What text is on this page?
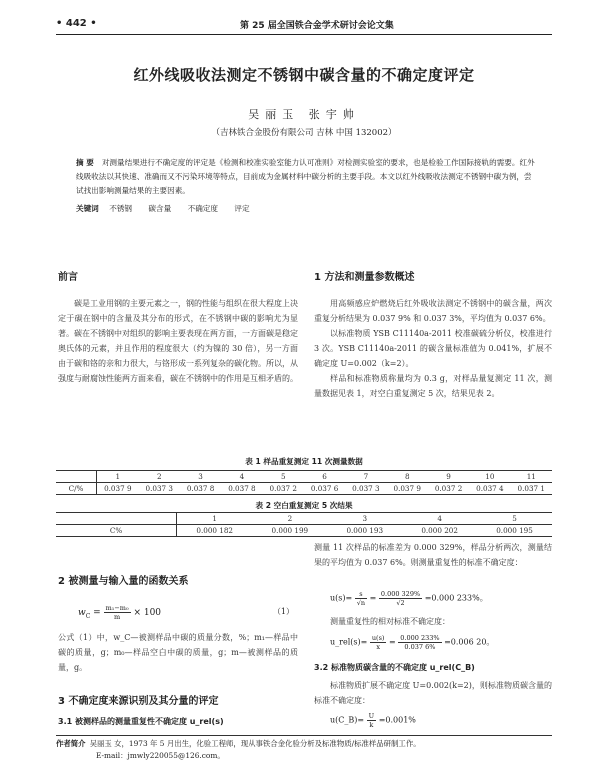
• 442 •	第 25 届全国铁合金学术研讨会论文集
红外线吸收法测定不锈钢中碳含量的不确定度评定
吴丽玉 张宇帅
（吉林铁合金股份有限公司 吉林 中国 132002）
摘 要 对测量结果进行不确定度的评定是《检测和校准实验室能力认可准则》对检测实验室的要求，也是检验工作国际接轨的需要。红外线吸收法以其快速、准确而又不污染环境等特点，目前成为金属材料中碳分析的主要手段。本文以红外线吸收法测定不锈钢中碳为例，尝试找出影响测量结果的主要因素。
关键词 不锈钢 碳含量 不确定度 评定
前言

碳是工业用钢的主要元素之一，钢的性能与组织在很大程度上决定于碳在钢中的含量及其分布的形式，在不锈钢中碳的影响尤为显著。碳在不锈钢中对组织的影响主要表现在两方面，一方面碳是稳定奥氏体的元素，并且作用的程度很大（约为镍的 30 倍），另一方面由于碳和铬的亲和力很大，与铬形成一系列复杂的碳化物。所以，从强度与耐腐蚀性能两方面来看，碳在不锈钢中的作用是互相矛盾的。

1 方法和测量参数概述

用高频感应炉燃烧后红外吸收法测定不锈钢中的碳含量，两次重复分析结果为 0.037 9% 和 0.037 3%，平均值为 0.037 6%。

以标准物质 YSB C11140a-2011 校准碳硫分析仪，校准进行 3 次。YSB C11140a-2011 的碳含量标准值为 0.041%，扩展不确定度 U=0.002（k=2）。

样品和标准物质称量均为 0.3 g，对样品量复测定 11 次，测量数据见表 1，对空白重复测定 5 次，结果见表 2。

表 1 样品重复测定 11 次测量数据
	1	2	3	4	5	6	7	8	9	10	11
C/%	0.037 9	0.037 3	0.037 8	0.037 8	0.037 2	0.037 6	0.037 3	0.037 9	0.037 2	0.037 4	0.037 1
表 2 空白重复测定 5 次结果
	1	2	3	4	5
C%	0.000 182	0.000 199	0.000 193	0.000 202	0.000 195
2 被测量与输入量的函数关系
$w_C = \frac{\text{m₁−m₀}}{m} \times 100$	（1）
公式（1）中，w_C—被测样品中碳的质量分数，%；m₁—样品中碳的质量，g；m₀—样品空白中碳的质量，g；m—被测样品的质量，g。
3 不确定度来源识别及其分量的评定
3.1 被测样品的测量重复性不确定度 u_rel(s)
测量 11 次样品的标准差为 0.000 329%，样品分析两次，测量结果的平均值为 0.037 6%。则测量重复性的标准不确定度：
$u(s)= \frac{s}{√n} = \frac{0.000 329\%}{√2} =0.000$ 233%。
测量重复性的相对标准不确定度：
u_rel(s)= $\frac{u(s)}{x} = \frac{0.000 233\%}{0.037 6\%} =0.006$ 20。
3.2 标准物质碳含量的不确定度 u_rel(C_B)

标准物质扩展不确定度 U=0.002(k=2)，则标准物质碳含量的标准不确定度：

u(C_B)= $\frac{U}{k} =0.001\%$
作者简介 吴丽玉 女，1973 年 5 月出生，化验工程师，现从事铁合金化验分析及标准物质/标准样品研制工作。
E-mail：jmwly220055@126.com。
